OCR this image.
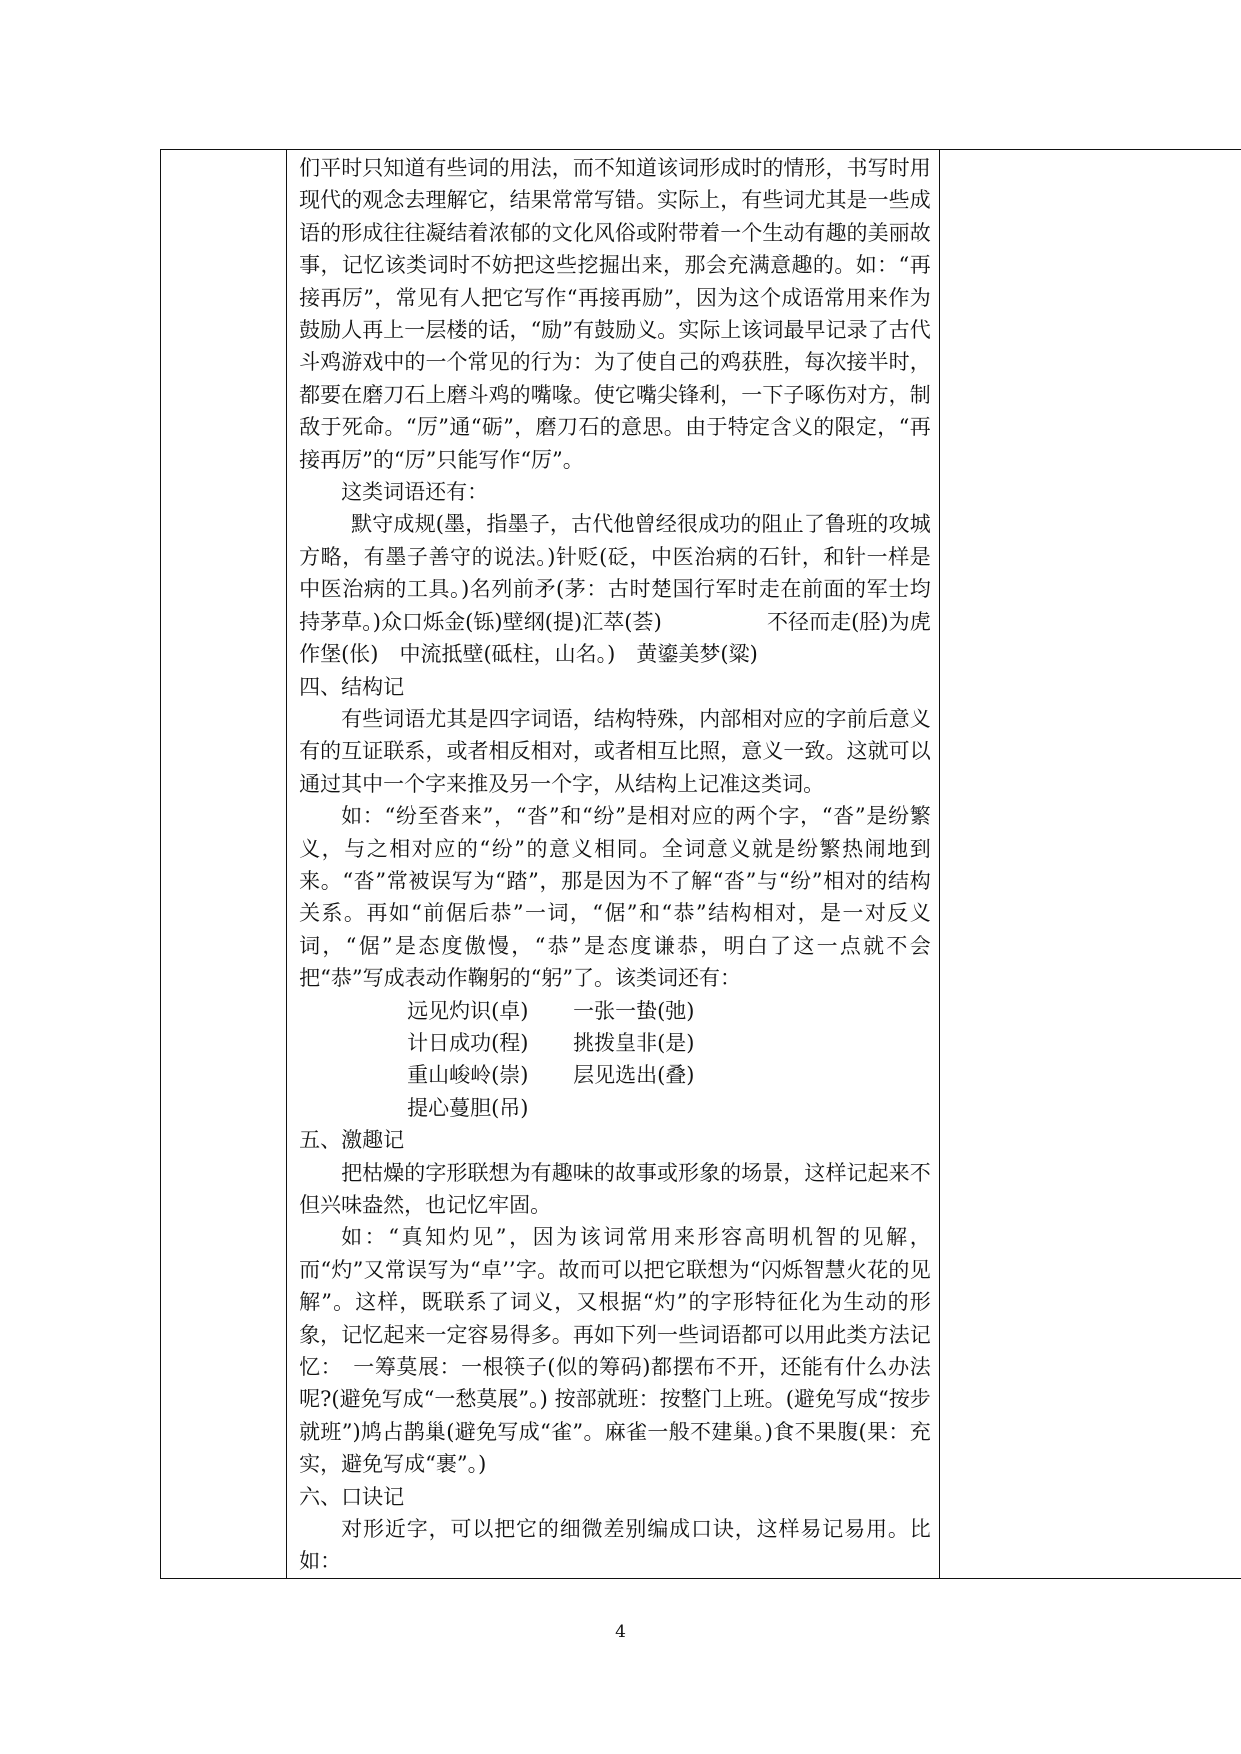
们平时只知道有些词的用法，而不知道该词形成时的情形，书写时用现代的观念去理解它，结果常常写错。实际上，有些词尤其是一些成语的形成往往凝结着浓郁的文化风俗或附带着一个生动有趣的美丽故事，记忆该类词时不妨把这些挖掘出来，那会充满意趣的。如：“再接再厉”，常见有人把它写作“再接再励”，因为这个成语常用来作为鼓励人再上一层楼的话，“励”有鼓励义。实际上该词最早记录了古代斗鸡游戏中的一个常见的行为：为了使自己的鸡获胜，每次接半时，都要在磨刀石上磨斗鸡的嘴喙。使它嘴尖锋利，一下子啄伤对方，制敌于死命。“厉”通“砺”，磨刀石的意思。由于特定含义的限定，“再接再厉”的“厉”只能写作“厉”。

这类词语还有：

默守成规(墨，指墨子，古代他曾经很成功的阻止了鲁班的攻城方略，有墨子善守的说法。)针贬(砭，中医治病的石针，和针一样是中医治病的工具。)名列前矛(茅：古时楚国行军时走在前面的军士均持茅草。)众口烁金(铄)壁纲(提)汇萃(荟)　　　　　不径而走(胫)为虎作堡(伥)　中流抵壁(砥柱，山名。)　黄鎏美梦(粱)

四、结构记

有些词语尤其是四字词语，结构特殊，内部相对应的字前后意义有的互证联系，或者相反相对，或者相互比照，意义一致。这就可以通过其中一个字来推及另一个字，从结构上记准这类词。

如：“纷至沓来”，“沓”和“纷”是相对应的两个字，“沓”是纷繁义，与之相对应的“纷”的意义相同。全词意义就是纷繁热闹地到来。“沓”常被误写为“踏”，那是因为不了解“沓”与“纷”相对的结构关系。再如“前倨后恭”一词，“倨”和“恭”结构相对，是一对反义词，“倨”是态度傲慢，“恭”是态度谦恭，明白了这一点就不会把“恭”写成表动作鞠躬的“躬”了。该类词还有：

远见灼识(卓)	一张一蛰(弛)
计日成功(程)	挑拨皇非(是)
重山峻岭(崇)	层见选出(叠)
提心蔓胆(吊)

五、激趣记

把枯燥的字形联想为有趣味的故事或形象的场景，这样记起来不但兴味盎然，也记忆牢固。

如：“真知灼见”，因为该词常用来形容高明机智的见解，而“灼”又常误写为“卓’’字。故而可以把它联想为“闪烁智慧火花的见解”。这样，既联系了词义，又根据“灼”的字形特征化为生动的形象，记忆起来一定容易得多。再如下列一些词语都可以用此类方法记忆：　一筹莫展：一根筷子(似的筹码)都摆布不开，还能有什么办法呢?(避免写成“一愁莫展”。) 按部就班：按整门上班。(避免写成“按步就班”)鸠占鹊巢(避免写成“雀”。麻雀一般不建巢。)食不果腹(果：充实，避免写成“裹”。)

六、口诀记

对形近字，可以把它的细微差别编成口诀，这样易记易用。比如：

4
